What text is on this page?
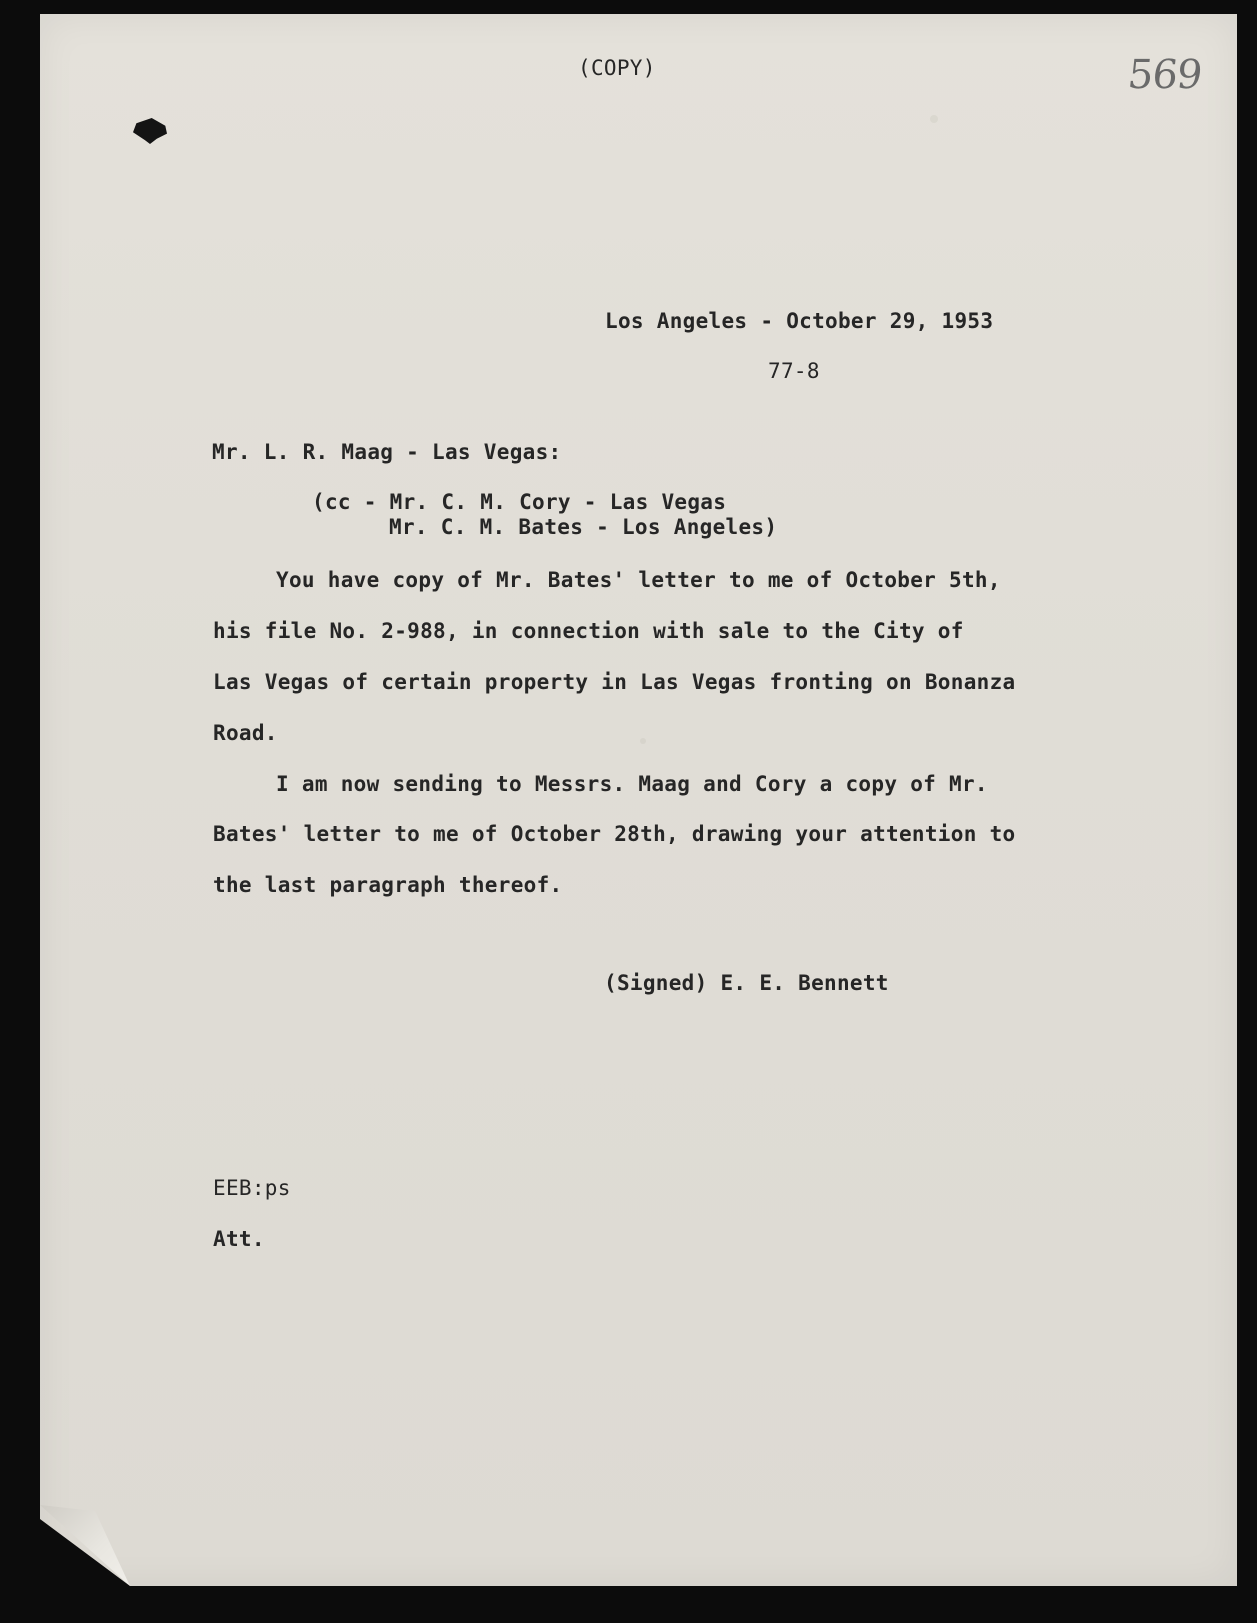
(COPY)	569
Los Angeles - October 29, 1953
77-8
Mr. L. R. Maag - Las Vegas:
(cc - Mr. C. M. Cory - Las Vegas
Mr. C. M. Bates - Los Angeles)
You have copy of Mr. Bates' letter to me of October 5th,
his file No. 2-988, in connection with sale to the City of
Las Vegas of certain property in Las Vegas fronting on Bonanza
Road.
I am now sending to Messrs. Maag and Cory a copy of Mr.
Bates' letter to me of October 28th, drawing your attention to
the last paragraph thereof.
(Signed) E. E. Bennett
EEB:ps
Att.
